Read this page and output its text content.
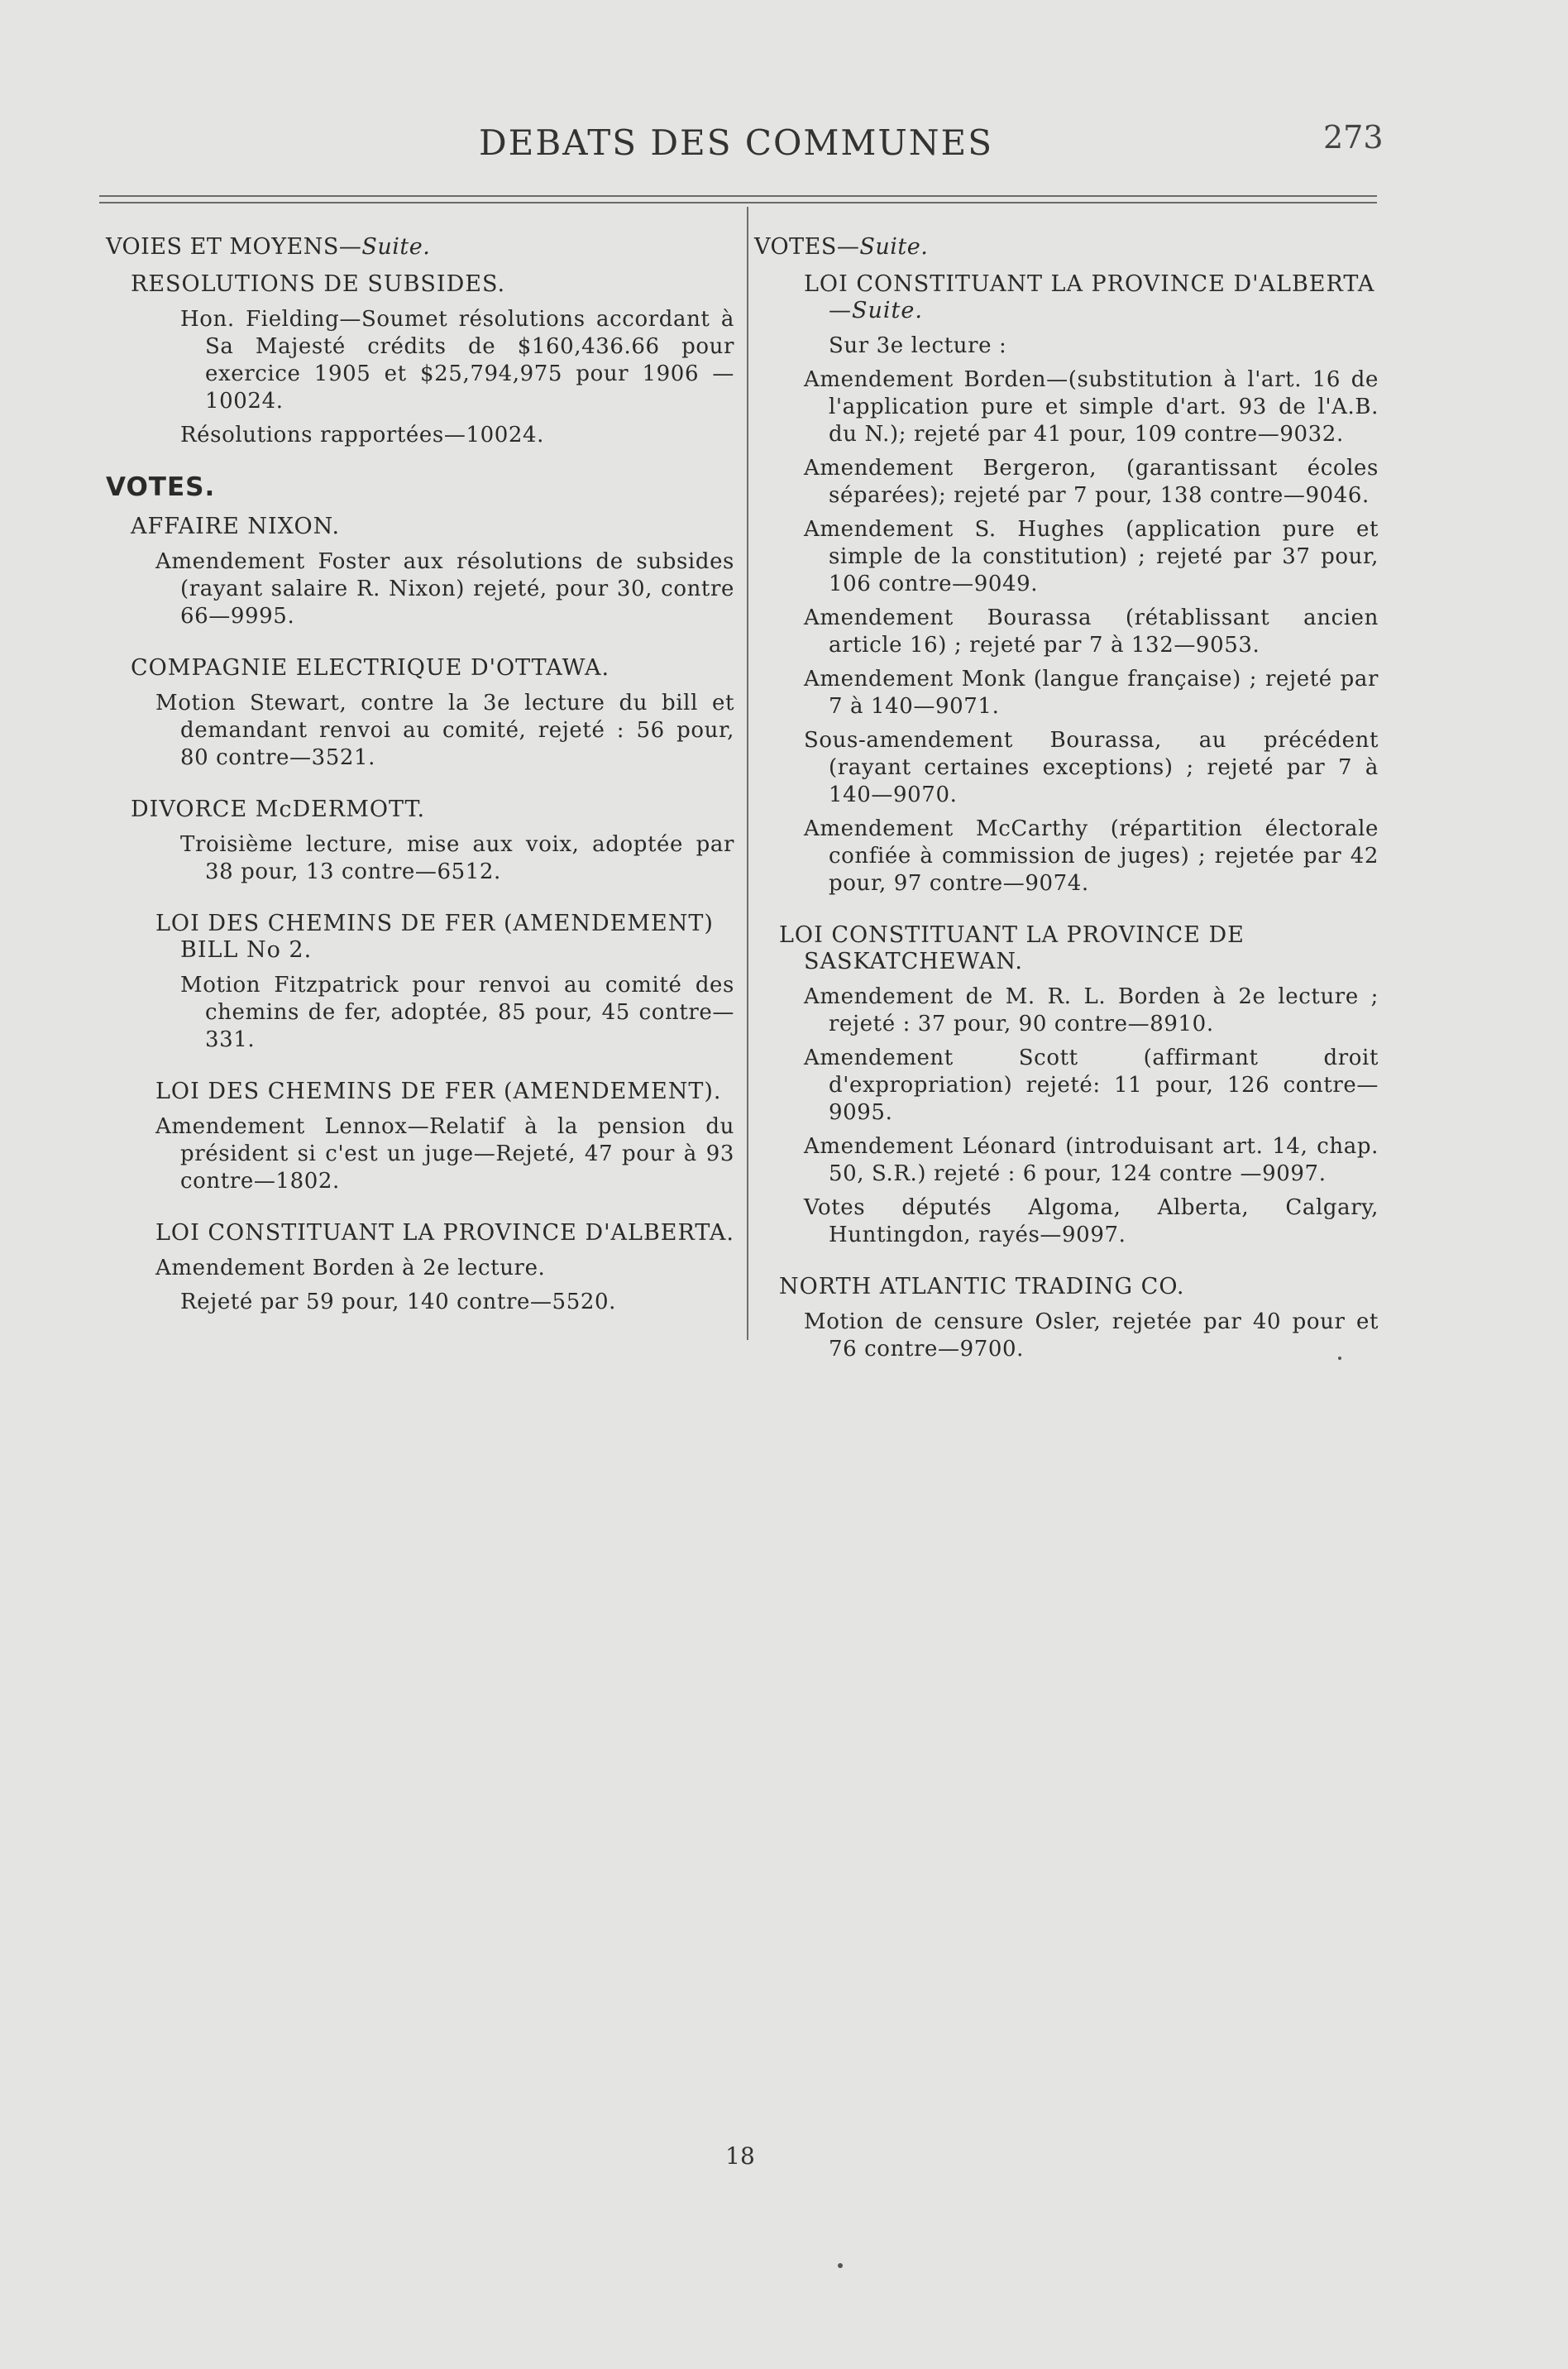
DEBATS DES COMMUNES	273

VOIES ET MOYENS—Suite.

RESOLUTIONS DE SUBSIDES.

Hon. Fielding—Soumet résolutions accordant à Sa Majesté crédits de $160,436.66 pour exercice 1905 et $25,794,975 pour 1906 —10024.

Résolutions rapportées—10024.

VOTES.

AFFAIRE NIXON.

Amendement Foster aux résolutions de subsides (rayant salaire R. Nixon) rejeté, pour 30, contre 66—9995.

COMPAGNIE ELECTRIQUE D'OTTAWA.

Motion Stewart, contre la 3e lecture du bill et demandant renvoi au comité, rejeté : 56 pour, 80 contre—3521.

DIVORCE McDERMOTT.

Troisième lecture, mise aux voix, adoptée par 38 pour, 13 contre—6512.

LOI DES CHEMINS DE FER (AMENDEMENT) BILL No 2.

Motion Fitzpatrick pour renvoi au comité des chemins de fer, adoptée, 85 pour, 45 contre—331.

LOI DES CHEMINS DE FER (AMENDEMENT).

Amendement Lennox—Relatif à la pension du président si c'est un juge—Rejeté, 47 pour à 93 contre—1802.

LOI CONSTITUANT LA PROVINCE D'ALBERTA.

Amendement Borden à 2e lecture.

Rejeté par 59 pour, 140 contre—5520.

VOTES—Suite.

LOI CONSTITUANT LA PROVINCE D'ALBERTA—Suite.

Sur 3e lecture :

Amendement Borden—(substitution à l'art. 16 de l'application pure et simple d'art. 93 de l'A.B. du N.); rejeté par 41 pour, 109 contre—9032.

Amendement Bergeron, (garantissant écoles séparées); rejeté par 7 pour, 138 contre—9046.

Amendement S. Hughes (application pure et simple de la constitution) ; rejeté par 37 pour, 106 contre—9049.

Amendement Bourassa (rétablissant ancien article 16) ; rejeté par 7 à 132—9053.

Amendement Monk (langue française) ; rejeté par 7 à 140—9071.

Sous-amendement Bourassa, au précédent (rayant certaines exceptions) ; rejeté par 7 à 140—9070.

Amendement McCarthy (répartition électorale confiée à commission de juges) ; rejetée par 42 pour, 97 contre—9074.

LOI CONSTITUANT LA PROVINCE DE SASKATCHEWAN.

Amendement de M. R. L. Borden à 2e lecture ; rejeté : 37 pour, 90 contre—8910.

Amendement Scott (affirmant droit d'expropriation) rejeté: 11 pour, 126 contre—9095.

Amendement Léonard (introduisant art. 14, chap. 50, S.R.) rejeté : 6 pour, 124 contre —9097.

Votes députés Algoma, Alberta, Calgary, Huntingdon, rayés—9097.

NORTH ATLANTIC TRADING CO.

Motion de censure Osler, rejetée par 40 pour et 76 contre—9700.

18
